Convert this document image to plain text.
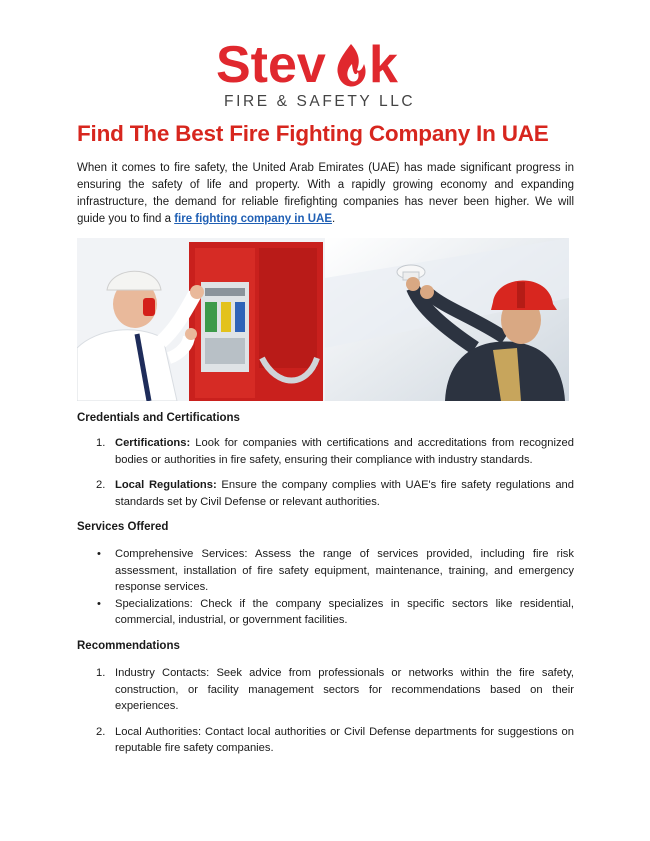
Stev k
FIRE & SAFETY LLC
Find The Best Fire Fighting Company In UAE

When it comes to fire safety, the United Arab Emirates (UAE) has made significant progress in ensuring the safety of life and property. With a rapidly growing economy and expanding infrastructure, the demand for reliable firefighting companies has never been higher. We will guide you to find a fire fighting company in UAE.

Credentials and Certifications
1. Certifications: Look for companies with certifications and accreditations from recognized bodies or authorities in fire safety, ensuring their compliance with industry standards.
2. Local Regulations: Ensure the company complies with UAE's fire safety regulations and standards set by Civil Defense or relevant authorities.
Services Offered
• Comprehensive Services: Assess the range of services provided, including fire risk assessment, installation of fire safety equipment, maintenance, training, and emergency response services.
• Specializations: Check if the company specializes in specific sectors like residential, commercial, industrial, or government facilities.
Recommendations
1. Industry Contacts: Seek advice from professionals or networks within the fire safety, construction, or facility management sectors for recommendations based on their experiences.
2. Local Authorities: Contact local authorities or Civil Defense departments for suggestions on reputable fire safety companies.
